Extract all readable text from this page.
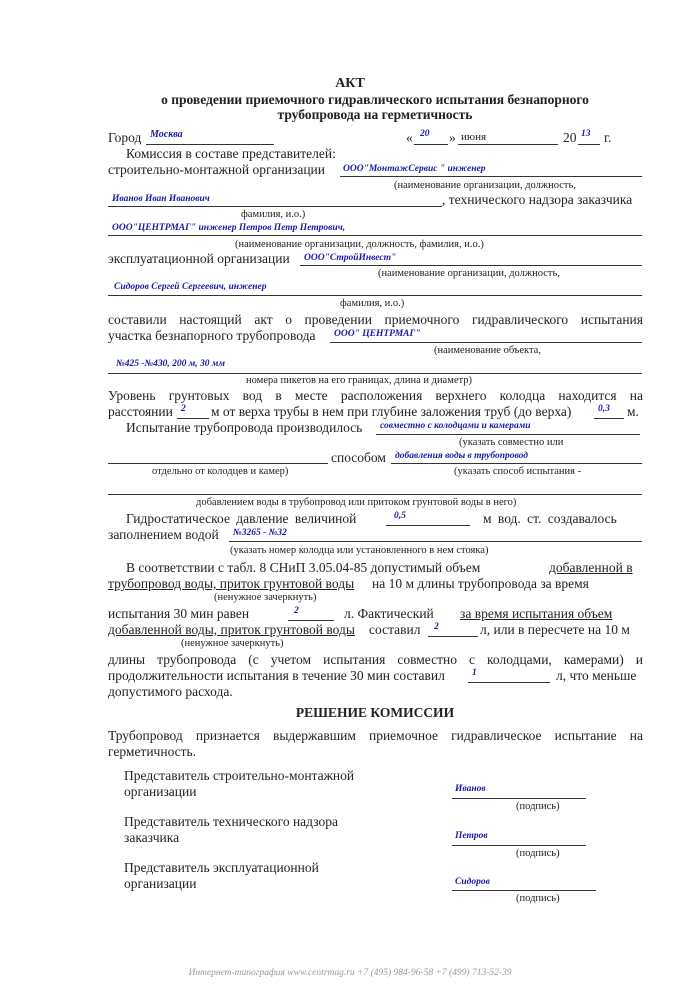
АКТ
о проведении приемочного гидравлического испытания безнапорного
трубопровода на герметичность
Город Москва	« 20 » июня	20 13 г.
Комиссия в составе представителей:
строительно-монтажной организации ООО"МонтажСервис " инженер
(наименование организации, должность,
Иванов Иван Иванович	, технического надзора заказчика
фамилия, и.о.)
ООО"ЦЕНТРМАГ" инженер Петров Петр Петрович,
(наименование организации, должность, фамилия, и.о.)
эксплуатационной организации ООО"СтройИнвест"
(наименование организации, должность,
Сидоров Сергей Сергеевич, инженер
фамилия, и.о.)
составили настоящий акт о проведении приемочного гидравлического испытания
участка безнапорного трубопровода ООО" ЦЕНТРМАГ"
(наименование объекта,
№425 -№430, 200 м, 30 мм
номера пикетов на его границах, длина и диаметр)
Уровень грунтовых вод в месте расположения верхнего колодца находится на
расстоянии 2 м от верха трубы в нем при глубине заложения труб (до верха)	0,3 м.
Испытание трубопровода производилось совместно с колодцами и камерами
(указать совместно или
способом добавления воды в трубопровод
отдельно от колодцев и камер)	(указать способ испытания -
добавлением воды в трубопровод или притоком грунтовой воды в него)
Гидростатическое давление величиной	0,5	м вод. ст. создавалось
заполнением водой №3265 - №32
(указать номер колодца или установленного в нем стояка)
В соответствии с табл. 8 СНиП 3.05.04-85 допустимый объем	добавленной в
трубопровод воды, приток грунтовой воды на 10 м длины трубопровода за время
(ненужное зачеркнуть)
испытания 30 мин равен	2	л. Фактический за время испытания объем
добавленной воды, приток грунтовой воды составил 2	л, или в пересчете на 10 м
(ненужное зачеркнуть)
длины трубопровода (с учетом испытания совместно с колодцами, камерами) и
продолжительности испытания в течение 30 мин составил	1	л, что меньше
допустимого расхода.
РЕШЕНИЕ КОМИССИИ
Трубопровод признается выдержавшим приемочное гидравлическое испытание на
герметичность.
Представитель строительно-монтажной
организации	Иванов
(подпись)
Представитель технического надзора
заказчика	Петров
(подпись)
Представитель эксплуатационной
организации	Сидоров
(подпись)
Интернет-типография www.centrmag.ru +7 (495) 984-96-58 +7 (499) 713-52-39
